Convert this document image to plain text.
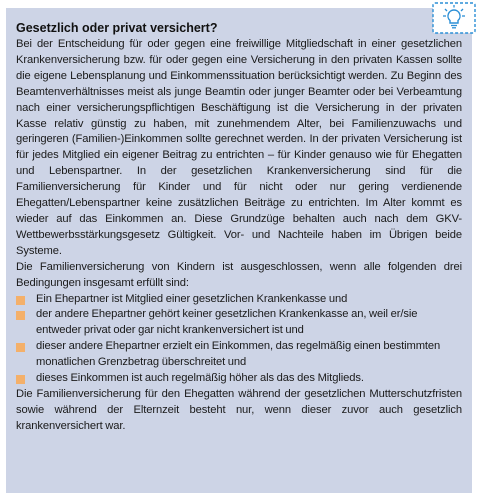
Gesetzlich oder privat versichert?

Bei der Entscheidung für oder gegen eine freiwillige Mitgliedschaft in einer gesetzlichen Krankenversicherung bzw. für oder gegen eine Versicherung in den privaten Kassen sollte die eigene Lebensplanung und Einkommenssituation berücksichtigt werden. Zu Beginn des Beamtenverhältnisses meist als junge Beamtin oder junger Beamter oder bei Verbeamtung nach einer versicherungspflichtigen Beschäftigung ist die Versicherung in der privaten Kasse relativ günstig zu haben, mit zunehmendem Alter, bei Familienzuwachs und geringeren (Familien-)Einkommen sollte gerechnet werden. In der privaten Versicherung ist für jedes Mitglied ein eigener Beitrag zu entrichten – für Kinder genauso wie für Ehegatten und Lebenspartner. In der gesetzlichen Krankenversicherung sind für die Familienversicherung für Kinder und für nicht oder nur gering verdienende Ehegatten/Lebenspartner keine zusätzlichen Beiträge zu entrichten. Im Alter kommt es wieder auf das Einkommen an. Diese Grundzüge behalten auch nach dem GKV-Wettbewerbsstärkungsgesetz Gültigkeit. Vor- und Nachteile haben im Übrigen beide Systeme.

Die Familienversicherung von Kindern ist ausgeschlossen, wenn alle folgenden drei Bedingungen insgesamt erfüllt sind:

Ein Ehepartner ist Mitglied einer gesetzlichen Krankenkasse und
der andere Ehepartner gehört keiner gesetzlichen Krankenkasse an, weil er/sie entweder privat oder gar nicht krankenversichert ist und
dieser andere Ehepartner erzielt ein Einkommen, das regelmäßig einen bestimmten monatlichen Grenzbetrag überschreitet und
dieses Einkommen ist auch regelmäßig höher als das des Mitglieds.

Die Familienversicherung für den Ehegatten während der gesetzlichen Mutterschutzfristen sowie während der Elternzeit besteht nur, wenn dieser zuvor auch gesetzlich krankenversichert war.
